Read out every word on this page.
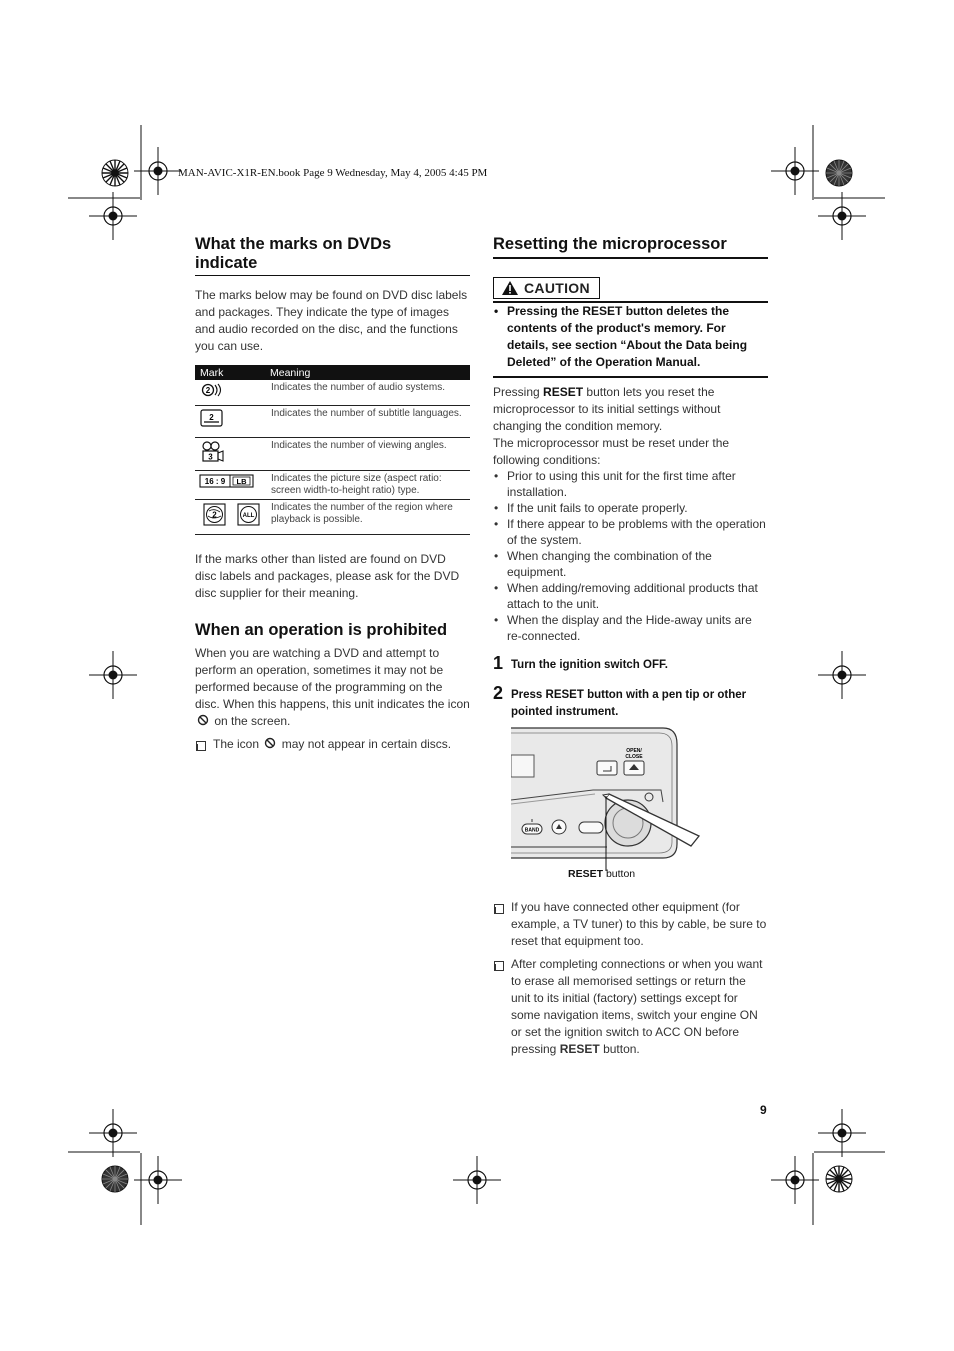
MAN-AVIC-X1R-EN.book Page 9 Wednesday, May 4, 2005 4:45 PM
What the marks on DVDs
indicate
The marks below may be found on DVD disc labels and packages. They indicate the type of images and audio recorded on the disc, and the functions you can use.
Mark	Meaning

2	Indicates the number of audio systems.

2	Indicates the number of subtitle languages.

3	Indicates the number of viewing angles.

16 : 9 LB	Indicates the picture size (aspect ratio: screen width-to-height ratio) type.

2 ALL	Indicates the number of the region where playback is possible.
If the marks other than listed are found on DVD disc labels and packages, please ask for the DVD disc supplier for their meaning.
When an operation is prohibited
When you are watching a DVD and attempt to perform an operation, sometimes it may not be performed because of the programming on the disc. When this happens, this unit indicates the icon  on the screen.
The icon may not appear in certain discs.
Resetting the microprocessor
CAUTION
• Pressing the RESET button deletes the contents of the product's memory. For details, see section “About the Data being Deleted” of the Operation Manual.
Pressing RESET button lets you reset the microprocessor to its initial settings without changing the condition memory.
The microprocessor must be reset under the following conditions:
• Prior to using this unit for the first time after installation.
• If the unit fails to operate properly.
• If there appear to be problems with the operation of the system.
• When changing the combination of the equipment.
• When adding/removing additional products that attach to the unit.
• When the display and the Hide-away units are re-connected.
1 Turn the ignition switch OFF.
2 Press RESET button with a pen tip or other pointed instrument.
OPEN/
CLOSE
BAND
RESET button
If you have connected other equipment (for example, a TV tuner) to this by cable, be sure to reset that equipment too.
After completing connections or when you want to erase all memorised settings or return the unit to its initial (factory) settings except for some navigation items, switch your engine ON or set the ignition switch to ACC ON before pressing RESET button.
9
